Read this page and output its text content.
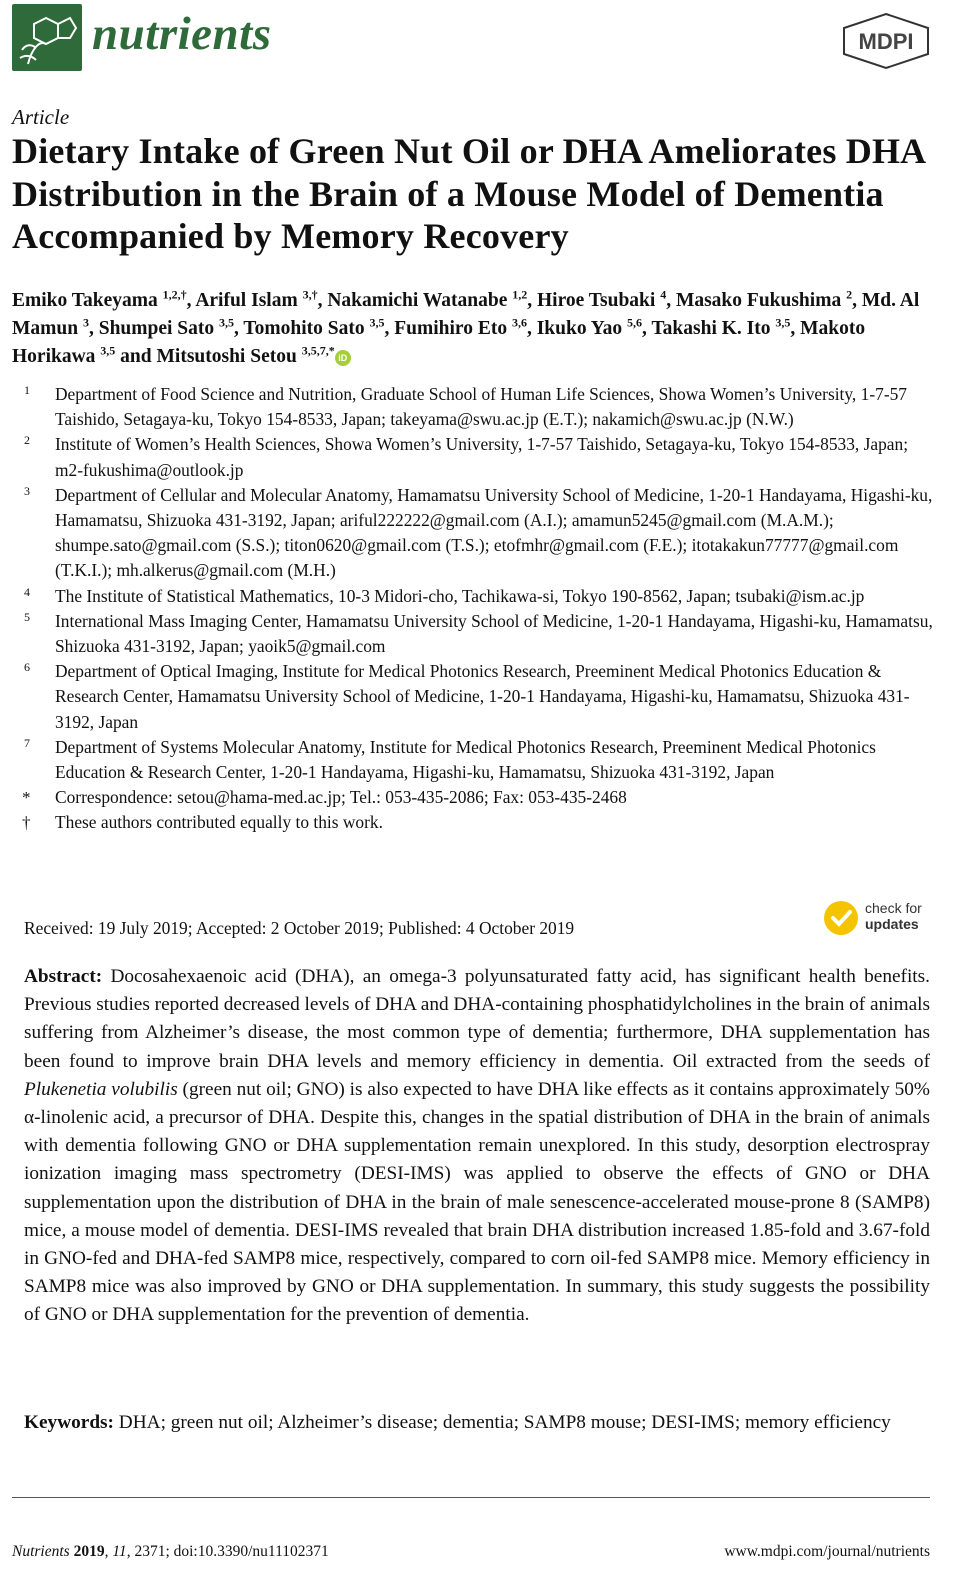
nutrients	MDPI
Article
Dietary Intake of Green Nut Oil or DHA Ameliorates DHA Distribution in the Brain of a Mouse Model of Dementia Accompanied by Memory Recovery
Emiko Takeyama $^{1,2,\dagger}$, Ariful Islam $^{3,\dagger}$, Nakamichi Watanabe $^{1,2}$, Hiroe Tsubaki $^4$, Masako Fukushima $^2$, Md. Al Mamun $^3$, Shumpei Sato $^{3,5}$, Tomohito Sato $^{3,5}$, Fumihiro Eto $^{3,6}$, Ikuko Yao $^{5,6}$, Takashi K. Ito $^{3,5}$, Makoto Horikawa $^{3,5}$ and Mitsutoshi Setou $^{3,5,7,*}$iD
1 Department of Food Science and Nutrition, Graduate School of Human Life Sciences, Showa Women’s University, 1-7-57 Taishido, Setagaya-ku, Tokyo 154-8533, Japan; takeyama@swu.ac.jp (E.T.); nakamich@swu.ac.jp (N.W.)
2 Institute of Women’s Health Sciences, Showa Women’s University, 1-7-57 Taishido, Setagaya-ku, Tokyo 154-8533, Japan; m2-fukushima@outlook.jp
3 Department of Cellular and Molecular Anatomy, Hamamatsu University School of Medicine, 1-20-1 Handayama, Higashi-ku, Hamamatsu, Shizuoka 431-3192, Japan; ariful222222@gmail.com (A.I.); amamun5245@gmail.com (M.A.M.); shumpe.sato@gmail.com (S.S.); titon0620@gmail.com (T.S.); etofmhr@gmail.com (F.E.); itotakakun77777@gmail.com (T.K.I.); mh.alkerus@gmail.com (M.H.)
4 The Institute of Statistical Mathematics, 10-3 Midori-cho, Tachikawa-si, Tokyo 190-8562, Japan; tsubaki@ism.ac.jp
5 International Mass Imaging Center, Hamamatsu University School of Medicine, 1-20-1 Handayama, Higashi-ku, Hamamatsu, Shizuoka 431-3192, Japan; yaoik5@gmail.com
6 Department of Optical Imaging, Institute for Medical Photonics Research, Preeminent Medical Photonics Education & Research Center, Hamamatsu University School of Medicine, 1-20-1 Handayama, Higashi-ku, Hamamatsu, Shizuoka 431-3192, Japan
7 Department of Systems Molecular Anatomy, Institute for Medical Photonics Research, Preeminent Medical Photonics Education & Research Center, 1-20-1 Handayama, Higashi-ku, Hamamatsu, Shizuoka 431-3192, Japan
* Correspondence: setou@hama-med.ac.jp; Tel.: 053-435-2086; Fax: 053-435-2468
† These authors contributed equally to this work.
Received: 19 July 2019; Accepted: 2 October 2019; Published: 4 October 2019
check for
updates
Abstract: Docosahexaenoic acid (DHA), an omega-3 polyunsaturated fatty acid, has significant health benefits. Previous studies reported decreased levels of DHA and DHA-containing phosphatidylcholines in the brain of animals suffering from Alzheimer’s disease, the most common type of dementia; furthermore, DHA supplementation has been found to improve brain DHA levels and memory efficiency in dementia. Oil extracted from the seeds of Plukenetia volubilis (green nut oil; GNO) is also expected to have DHA like effects as it contains approximately 50% α-linolenic acid, a precursor of DHA. Despite this, changes in the spatial distribution of DHA in the brain of animals with dementia following GNO or DHA supplementation remain unexplored. In this study, desorption electrospray ionization imaging mass spectrometry (DESI-IMS) was applied to observe the effects of GNO or DHA supplementation upon the distribution of DHA in the brain of male senescence-accelerated mouse-prone 8 (SAMP8) mice, a mouse model of dementia. DESI-IMS revealed that brain DHA distribution increased 1.85-fold and 3.67-fold in GNO-fed and DHA-fed SAMP8 mice, respectively, compared to corn oil-fed SAMP8 mice. Memory efficiency in SAMP8 mice was also improved by GNO or DHA supplementation. In summary, this study suggests the possibility of GNO or DHA supplementation for the prevention of dementia.
Keywords: DHA; green nut oil; Alzheimer’s disease; dementia; SAMP8 mouse; DESI-IMS; memory efficiency
Nutrients 2019, 11, 2371; doi:10.3390/nu11102371	www.mdpi.com/journal/nutrients
